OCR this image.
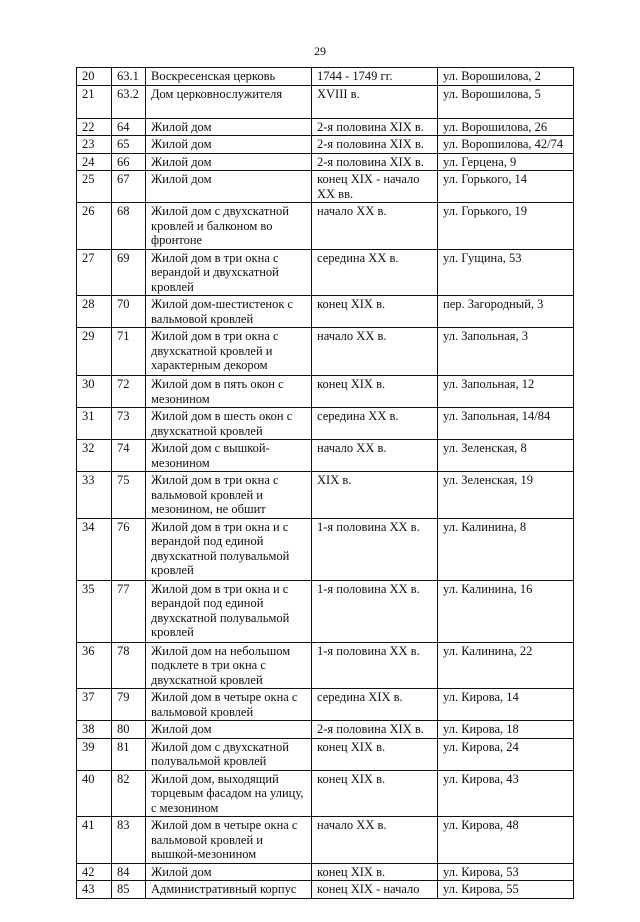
29
20	63.1	Воскресенская церковь	1744 - 1749 гг.	ул. Ворошилова, 2
21	63.2	Дом церковнослужителя	XVIII в.	ул. Ворошилова, 5
22	64	Жилой дом	2-я половина XIX в.	ул. Ворошилова, 26
23	65	Жилой дом	2-я половина XIX в.	ул. Ворошилова, 42/74
24	66	Жилой дом	2-я половина XIX в.	ул. Герцена, 9
25	67	Жилой дом	конец XIX - начало XX вв.	ул. Горького, 14
26	68	Жилой дом с двухскатной кровлей и балконом во фронтоне	начало XX в.	ул. Горького, 19
27	69	Жилой дом в три окна с верандой и двухскатной кровлей	середина XX в.	ул. Гущина, 53
28	70	Жилой дом-шестистенок с вальмовой кровлей	конец XIX в.	пер. Загородный, 3
29	71	Жилой дом в три окна с двухскатной кровлей и характерным декором	начало XX в.	ул. Запольная, 3
30	72	Жилой дом в пять окон с мезонином	конец XIX в.	ул. Запольная, 12
31	73	Жилой дом в шесть окон с двухскатной кровлей	середина XX в.	ул. Запольная, 14/84
32	74	Жилой дом с вышкой-мезонином	начало XX в.	ул. Зеленская, 8
33	75	Жилой дом в три окна с вальмовой кровлей и мезонином, не обшит	XIX в.	ул. Зеленская, 19
34	76	Жилой дом в три окна и с верандой под единой двухскатной полувальмой кровлей	1-я половина XX в.	ул. Калинина, 8
35	77	Жилой дом в три окна и с верандой под единой двухскатной полувальмой кровлей	1-я половина XX в.	ул. Калинина, 16
36	78	Жилой дом на небольшом подклете в три окна с двухскатной кровлей	1-я половина XX в.	ул. Калинина, 22
37	79	Жилой дом в четыре окна с вальмовой кровлей	середина XIX в.	ул. Кирова, 14
38	80	Жилой дом	2-я половина XIX в.	ул. Кирова, 18
39	81	Жилой дом с двухскатной полувальмой кровлей	конец XIX в.	ул. Кирова, 24
40	82	Жилой дом, выходящий торцевым фасадом на улицу, с мезонином	конец XIX в.	ул. Кирова, 43
41	83	Жилой дом в четыре окна с вальмовой кровлей и вышкой-мезонином	начало XX в.	ул. Кирова, 48
42	84	Жилой дом	конец XIX в.	ул. Кирова, 53
43	85	Административный корпус	конец XIX - начало	ул. Кирова, 55
